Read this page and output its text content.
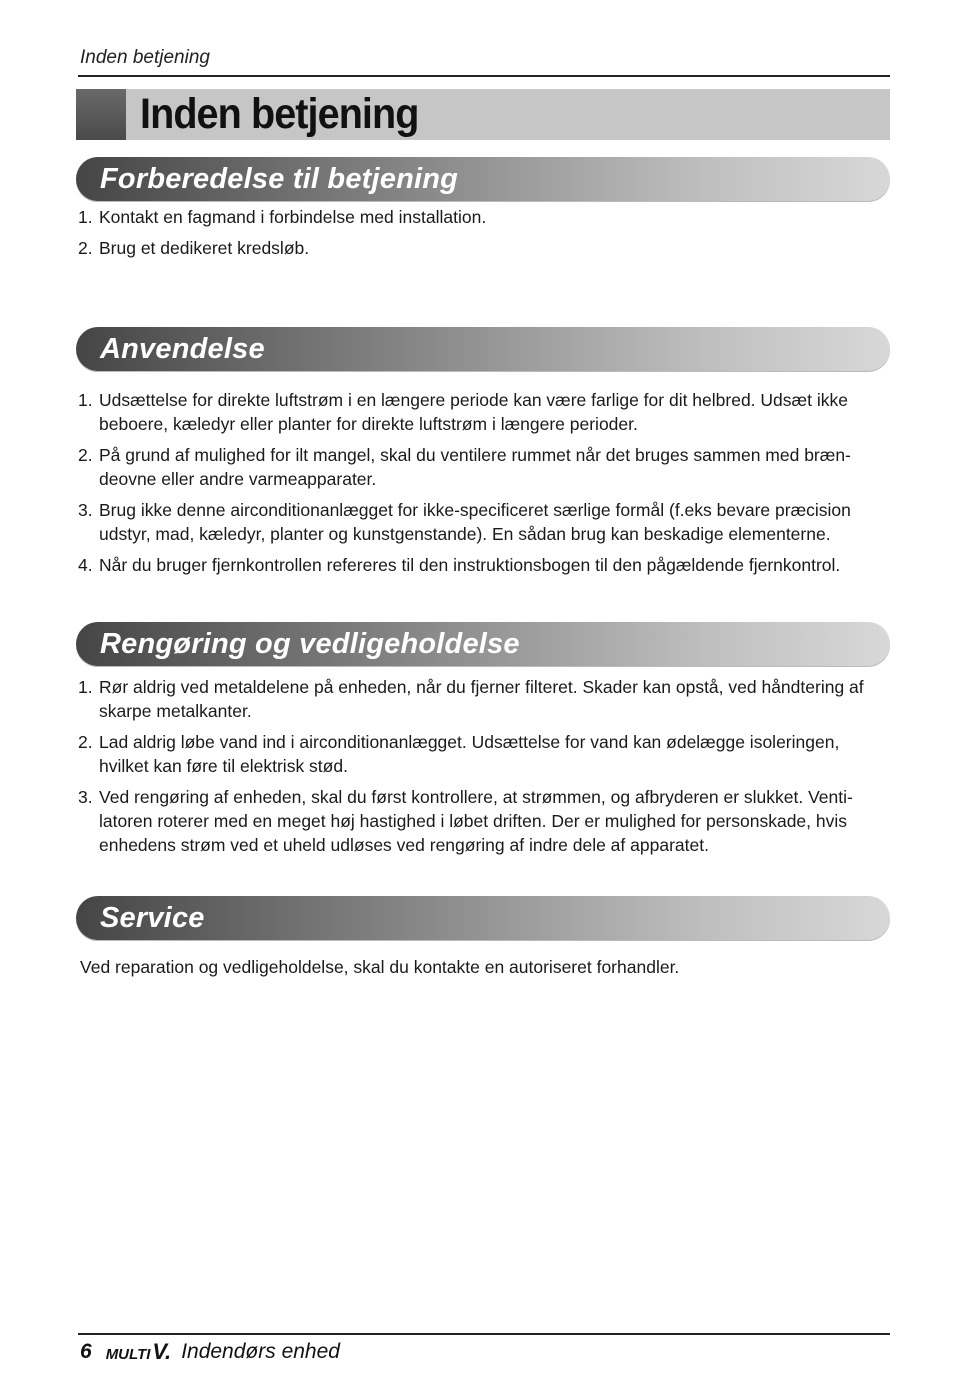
Inden betjening
Inden betjening
Forberedelse til betjening
1. Kontakt en fagmand i forbindelse med installation.
2. Brug et dedikeret kredsløb.
Anvendelse
1. Udsættelse for direkte luftstrøm i en længere periode kan være farlige for dit helbred. Udsæt ikke beboere, kæledyr eller planter for direkte luftstrøm i længere perioder.
2. På grund af mulighed for ilt mangel, skal du ventilere rummet når det bruges sammen med bræn-deovne eller andre varmeapparater.
3. Brug ikke denne airconditionanlægget for ikke-specificeret særlige formål (f.eks bevare præcision udstyr, mad, kæledyr, planter og kunstgenstande). En sådan brug kan beskadige elementerne.
4. Når du bruger fjernkontrollen refereres til den instruktionsbogen til den pågældende fjernkontrol.
Rengøring og vedligeholdelse
1. Rør aldrig ved metaldelene på enheden, når du fjerner filteret. Skader kan opstå, ved håndtering af skarpe metalkanter.
2. Lad aldrig løbe vand ind i airconditionanlægget. Udsættelse for vand kan ødelægge isoleringen, hvilket kan føre til elektrisk stød.
3. Ved rengøring af enheden, skal du først kontrollere, at strømmen, og afbryderen er slukket. Venti-latoren roterer med en meget høj hastighed i løbet driften. Der er mulighed for personskade, hvis enhedens strøm ved et uheld udløses ved rengøring af indre dele af apparatet.
Service
Ved reparation og vedligeholdelse, skal du kontakte en autoriseret forhandler.
6 MULTI V. Indendørs enhed
